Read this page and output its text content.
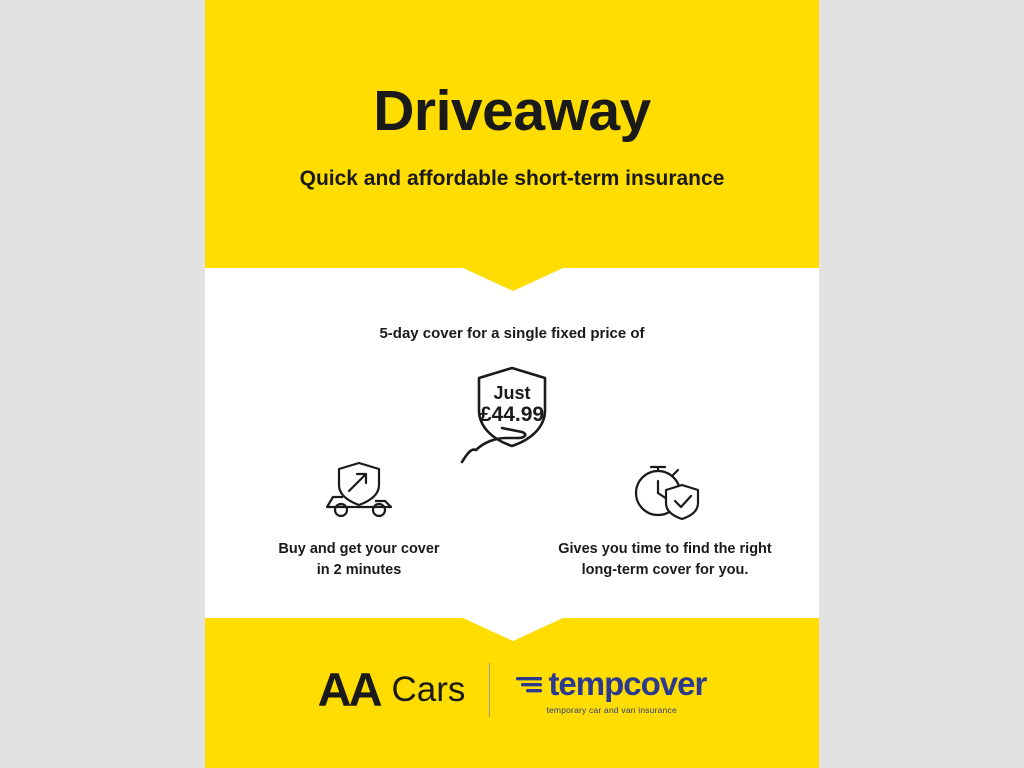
Driveaway
Quick and affordable short-term insurance
5-day cover for a single fixed price of
Just
£44.99
Buy and get your cover
in 2 minutes
Gives you time to find the right
long-term cover for you.
AA Cars	tempcover
temporary car and van insurance
